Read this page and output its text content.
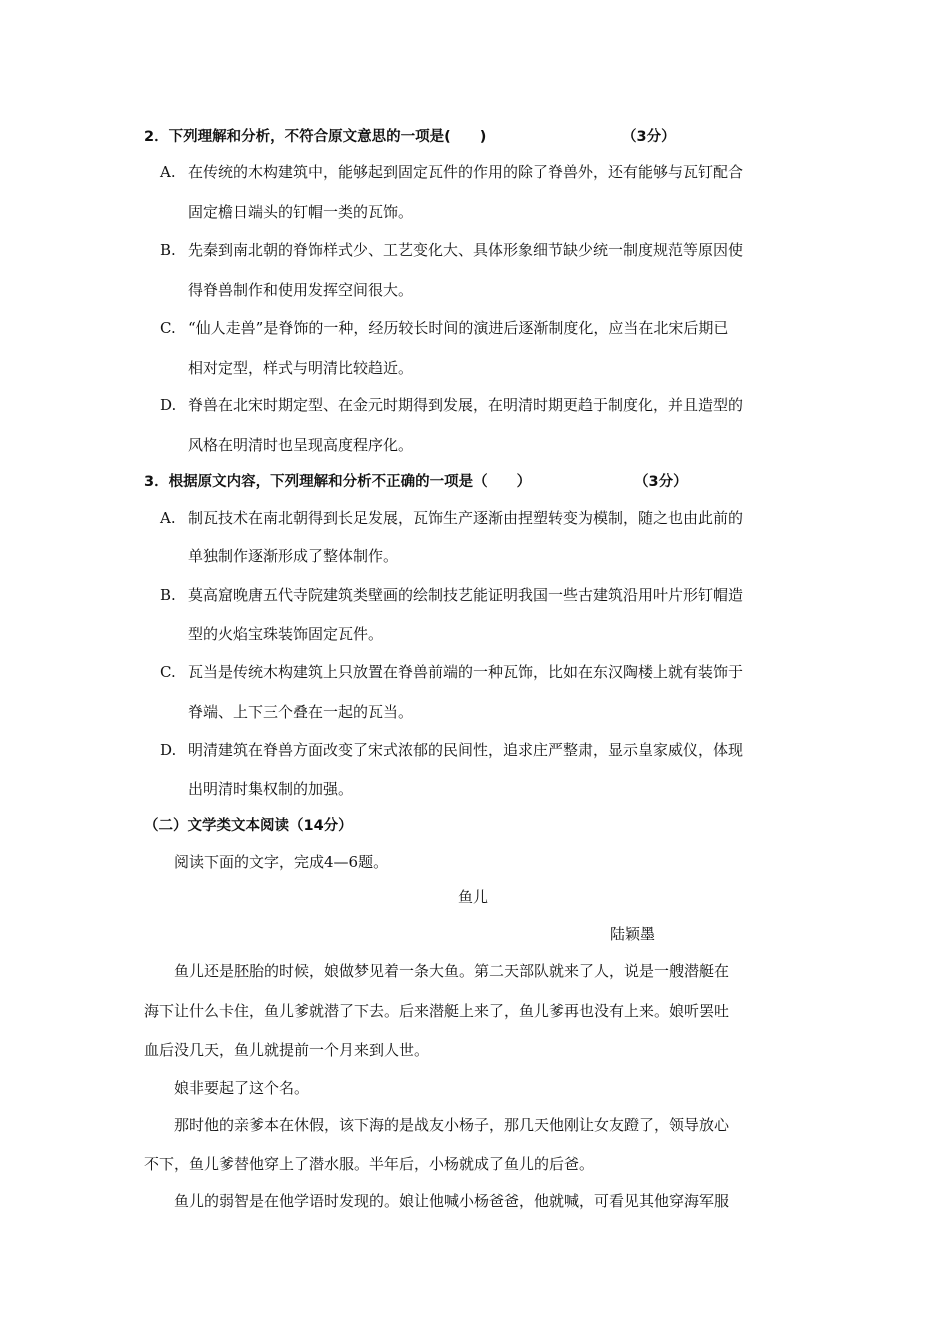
2．下列理解和分析，不符合原文意思的一项是(　　)	（3分）
A. 在传统的木构建筑中，能够起到固定瓦件的作用的除了脊兽外，还有能够与瓦钉配合
固定檐日端头的钉帽一类的瓦饰。
B. 先秦到南北朝的脊饰样式少、工艺变化大、具体形象细节缺少统一制度规范等原因使
得脊兽制作和使用发挥空间很大。
C. “仙人走兽”是脊饰的一种，经历较长时间的演进后逐渐制度化，应当在北宋后期已
相对定型，样式与明清比较趋近。
D. 脊兽在北宋时期定型、在金元时期得到发展，在明清时期更趋于制度化，并且造型的
风格在明清时也呈现高度程序化。
3．根据原文内容，下列理解和分析不正确的一项是（　　）	（3分）
A. 制瓦技术在南北朝得到长足发展，瓦饰生产逐渐由捏塑转变为模制，随之也由此前的
单独制作逐渐形成了整体制作。
B. 莫高窟晚唐五代寺院建筑类壁画的绘制技艺能证明我国一些古建筑沿用叶片形钉帽造
型的火焰宝珠装饰固定瓦件。
C. 瓦当是传统木构建筑上只放置在脊兽前端的一种瓦饰，比如在东汉陶楼上就有装饰于
脊端、上下三个叠在一起的瓦当。
D. 明清建筑在脊兽方面改变了宋式浓郁的民间性，追求庄严整肃，显示皇家威仪，体现
出明清时集权制的加强。
（二）文学类文本阅读（14分）
阅读下面的文字，完成4—6题。
鱼儿
陆颖墨
鱼儿还是胚胎的时候，娘做梦见着一条大鱼。第二天部队就来了人，说是一艘潜艇在
海下让什么卡住，鱼儿爹就潜了下去。后来潜艇上来了，鱼儿爹再也没有上来。娘听罢吐
血后没几天，鱼儿就提前一个月来到人世。
娘非要起了这个名。
那时他的亲爹本在休假，该下海的是战友小杨子，那几天他刚让女友蹬了，领导放心
不下，鱼儿爹替他穿上了潜水服。半年后，小杨就成了鱼儿的后爸。
鱼儿的弱智是在他学语时发现的。娘让他喊小杨爸爸，他就喊，可看见其他穿海军服
